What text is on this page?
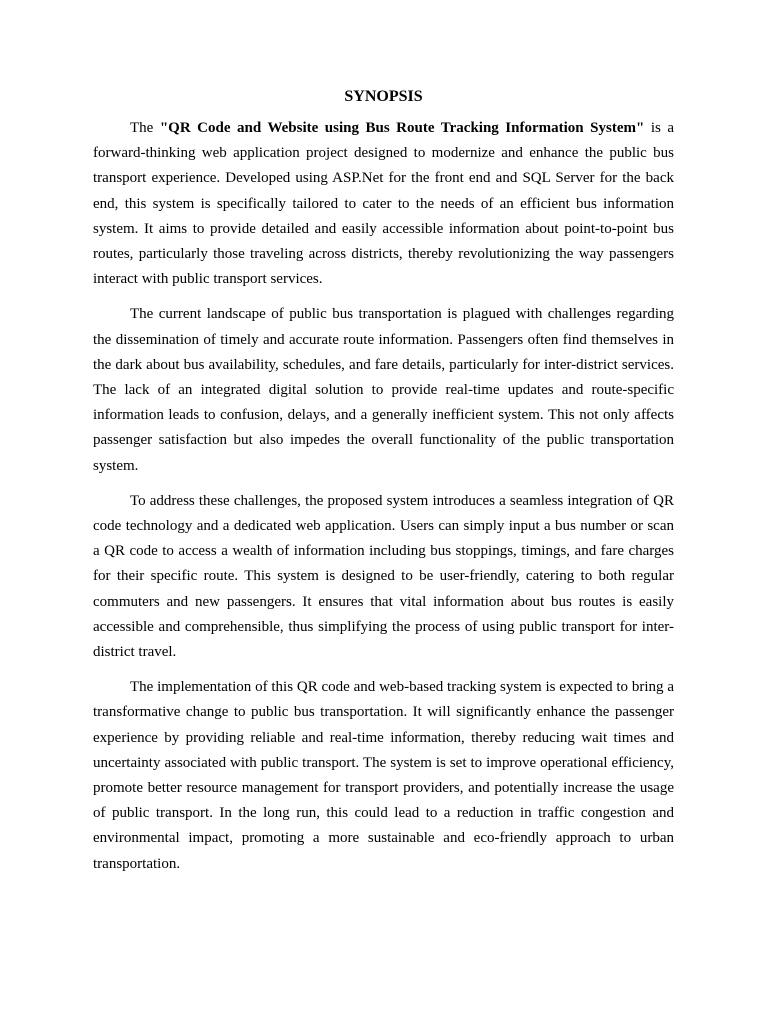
SYNOPSIS

The "QR Code and Website using Bus Route Tracking Information System" is a forward-thinking web application project designed to modernize and enhance the public bus transport experience. Developed using ASP.Net for the front end and SQL Server for the back end, this system is specifically tailored to cater to the needs of an efficient bus information system. It aims to provide detailed and easily accessible information about point-to-point bus routes, particularly those traveling across districts, thereby revolutionizing the way passengers interact with public transport services.

The current landscape of public bus transportation is plagued with challenges regarding the dissemination of timely and accurate route information. Passengers often find themselves in the dark about bus availability, schedules, and fare details, particularly for inter-district services. The lack of an integrated digital solution to provide real-time updates and route-specific information leads to confusion, delays, and a generally inefficient system. This not only affects passenger satisfaction but also impedes the overall functionality of the public transportation system.

To address these challenges, the proposed system introduces a seamless integration of QR code technology and a dedicated web application. Users can simply input a bus number or scan a QR code to access a wealth of information including bus stoppings, timings, and fare charges for their specific route. This system is designed to be user-friendly, catering to both regular commuters and new passengers. It ensures that vital information about bus routes is easily accessible and comprehensible, thus simplifying the process of using public transport for inter-district travel.

The implementation of this QR code and web-based tracking system is expected to bring a transformative change to public bus transportation. It will significantly enhance the passenger experience by providing reliable and real-time information, thereby reducing wait times and uncertainty associated with public transport. The system is set to improve operational efficiency, promote better resource management for transport providers, and potentially increase the usage of public transport. In the long run, this could lead to a reduction in traffic congestion and environmental impact, promoting a more sustainable and eco-friendly approach to urban transportation.
